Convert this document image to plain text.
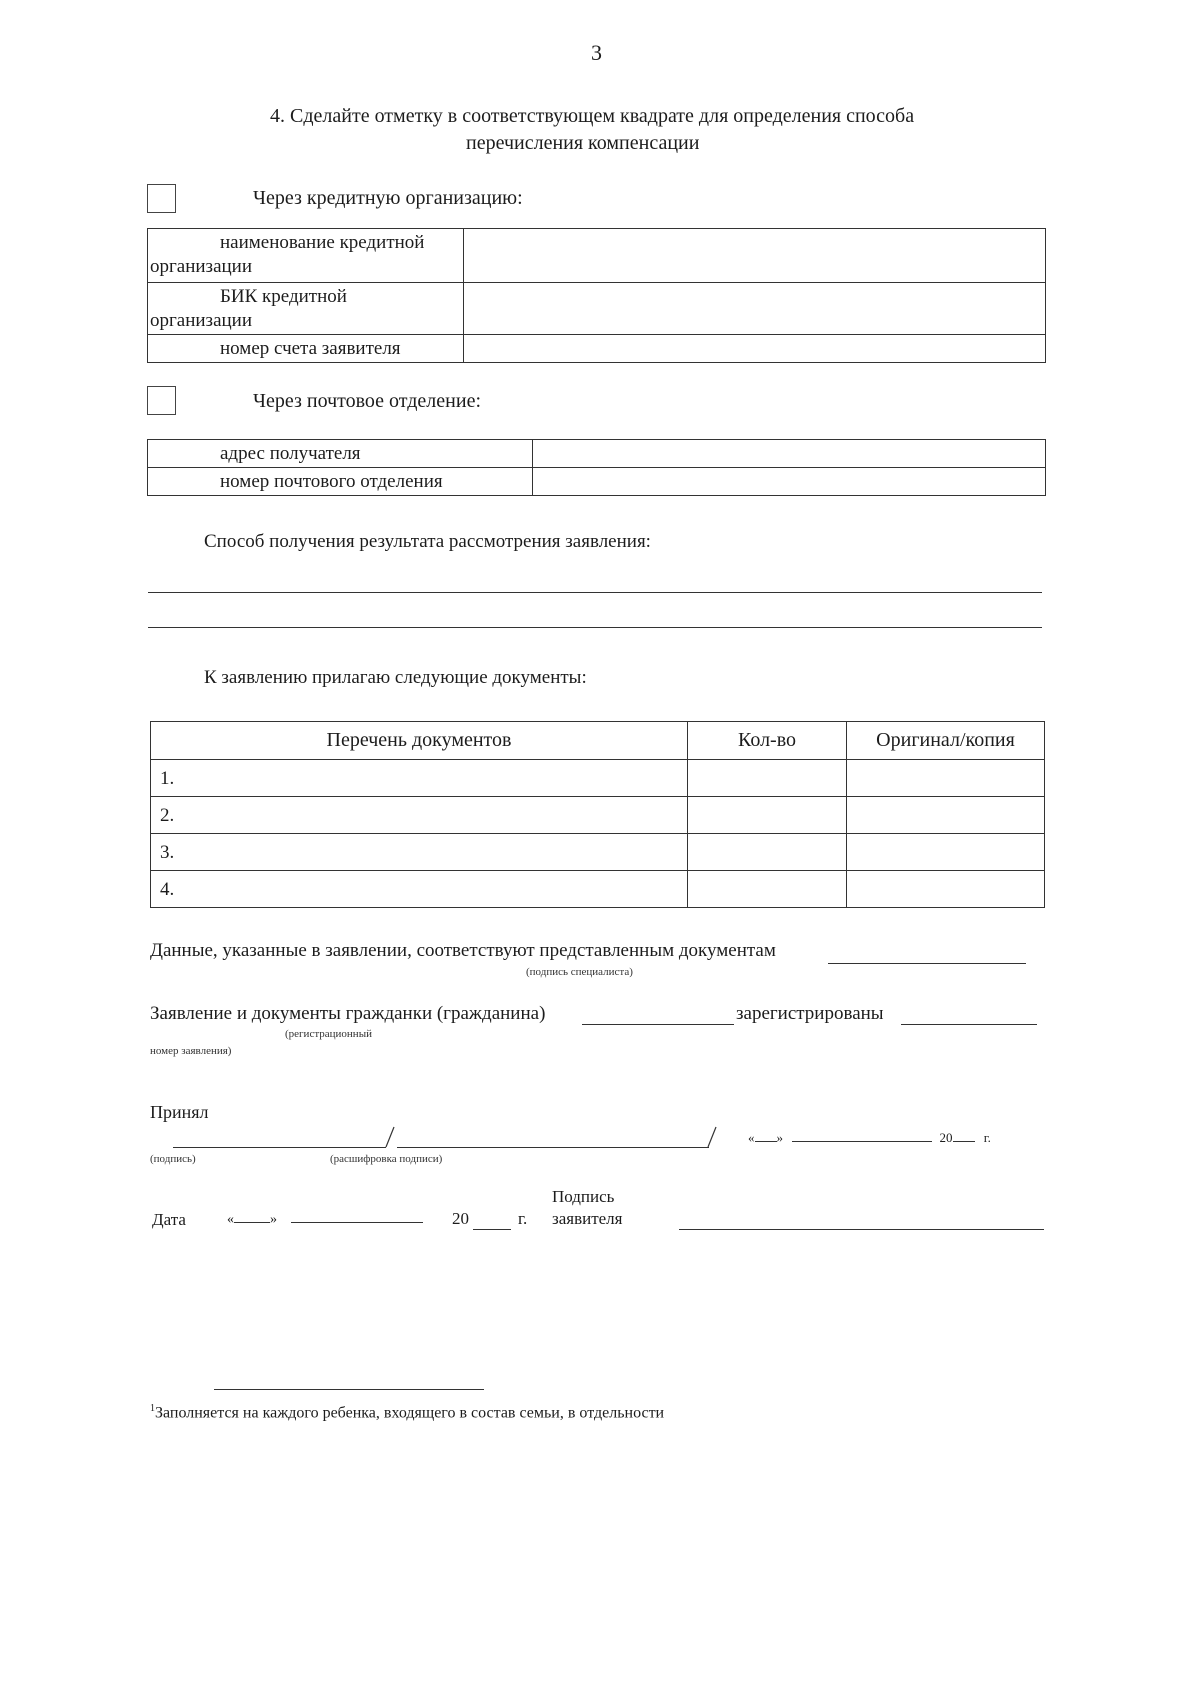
3
4. Сделайте отметку в соответствующем квадрате для определения способа
перечисления компенсации
Через кредитную организацию:
наименование кредитной
организации	

БИК кредитной
организации	

номер счета заявителя	

Через почтовое отделение:
адрес получателя	

номер почтового отделения	

Способ получения результата рассмотрения заявления:
К заявлению прилагаю следующие документы:
Перечень документов	Кол-во	Оригинал/копия
1.		
2.		
3.		
4.		
Данные, указанные в заявлении, соответствуют представленным документам
(подпись специалиста)
Заявление и документы гражданки (гражданина)	зарегистрированы
(регистрационный
номер заявления)
Принял
« »	20 г.
(подпись)	(расшифровка подписи)
Дата	«	»	20	г.
Подпись
заявителя
$^1$Заполняется на каждого ребенка, входящего в состав семьи, в отдельности
